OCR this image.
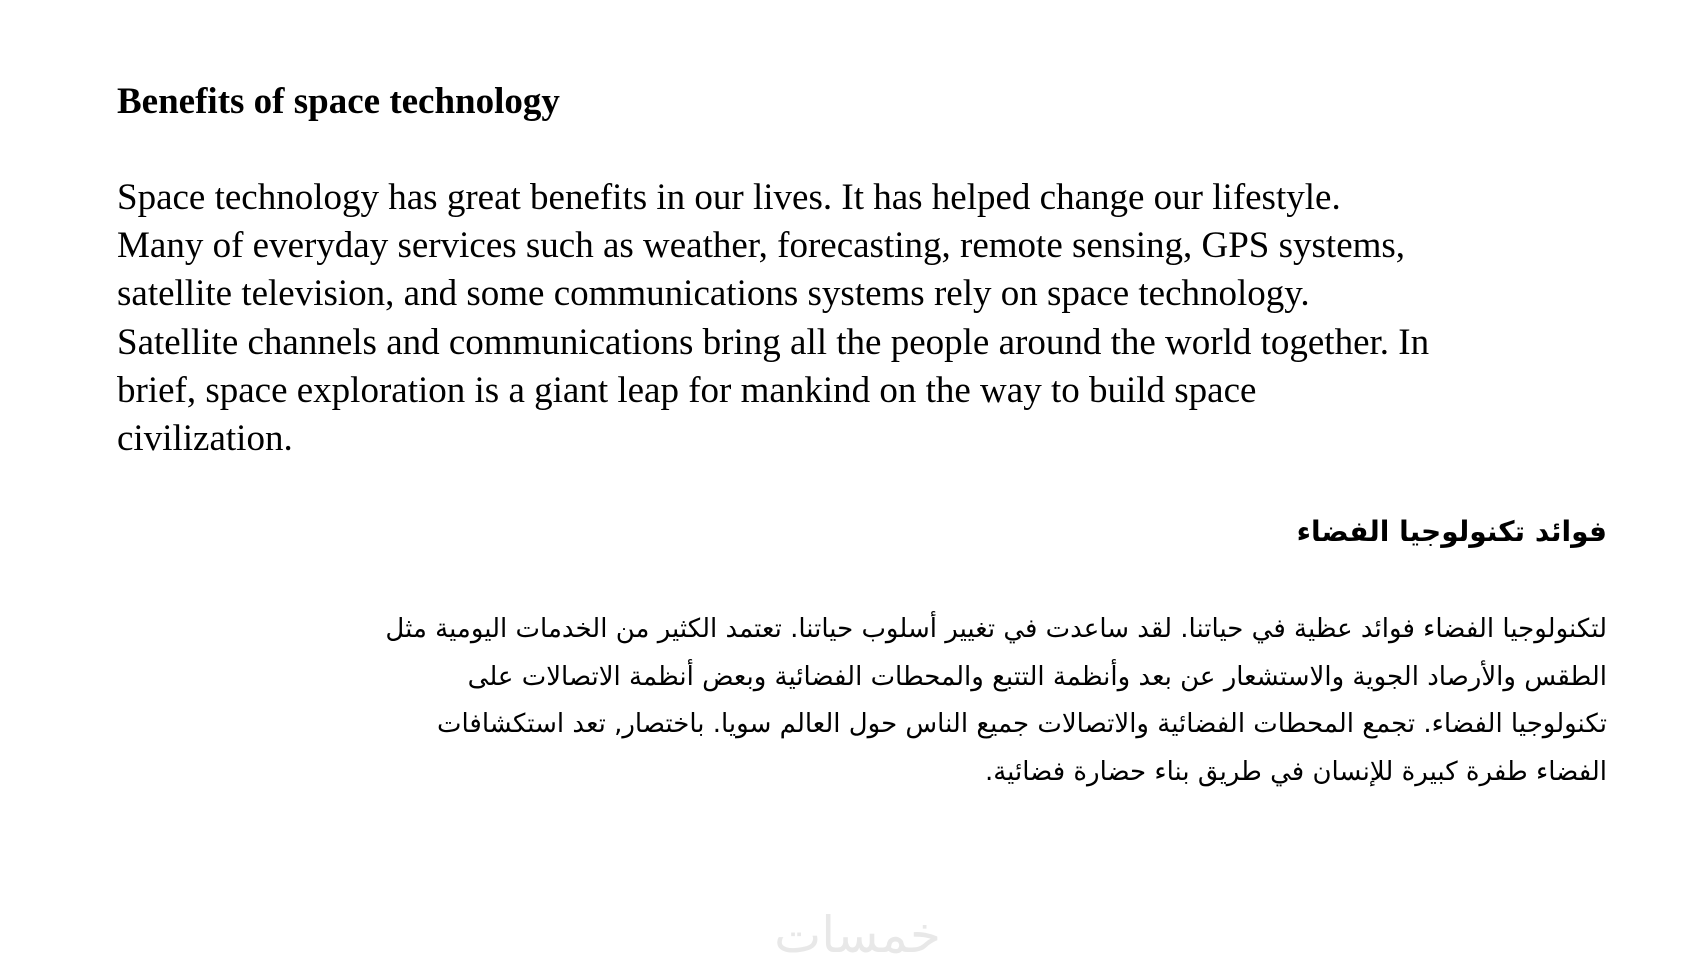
Benefits of space technology

Space technology has great benefits in our lives. It has helped change our lifestyle.
Many of everyday services such as weather, forecasting, remote sensing, GPS systems,
satellite television, and some communications systems rely on space technology.
Satellite channels and communications bring all the people around the world together. In
brief, space exploration is a giant leap for mankind on the way to build space
civilization.

فوائد تكنولوجيا الفضاء

لتكنولوجيا الفضاء فوائد عظية في حياتنا. لقد ساعدت في تغيير أسلوب حياتنا. تعتمد الكثير من الخدمات اليومية مثل
الطقس والأرصاد الجوية والاستشعار عن بعد وأنظمة التتبع والمحطات الفضائية وبعض أنظمة الاتصالات على
تكنولوجيا الفضاء. تجمع المحطات الفضائية والاتصالات جميع الناس حول العالم سويا. باختصار, تعد استكشافات
الفضاء طفرة كبيرة للإنسان في طريق بناء حضارة فضائية.

خمسات
